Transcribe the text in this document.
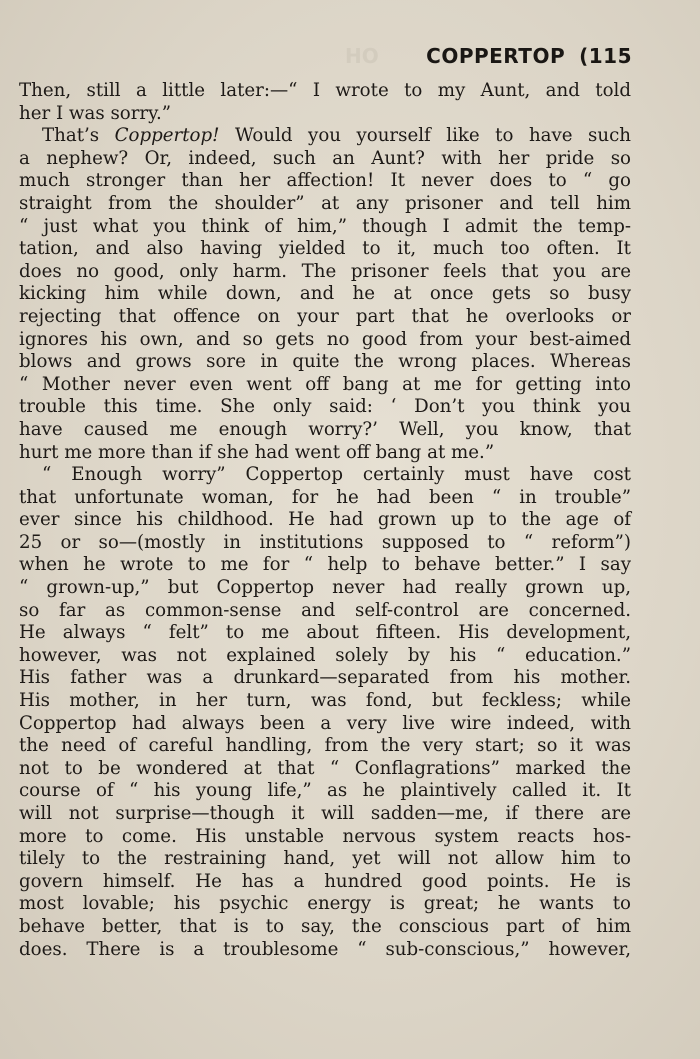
HO COPPERTOP (115
Then, still a little later:—“ I wrote to my Aunt, and told
her I was sorry.”
That’s Coppertop! Would you yourself like to have such
a nephew? Or, indeed, such an Aunt? with her pride so
much stronger than her affection! It never does to “ go
straight from the shoulder” at any prisoner and tell him
“ just what you think of him,” though I admit the temp-
tation, and also having yielded to it, much too often. It
does no good, only harm. The prisoner feels that you are
kicking him while down, and he at once gets so busy
rejecting that offence on your part that he overlooks or
ignores his own, and so gets no good from your best-aimed
blows and grows sore in quite the wrong places. Whereas
“ Mother never even went off bang at me for getting into
trouble this time. She only said: ‘ Don’t you think you
have caused me enough worry?’ Well, you know, that
hurt me more than if she had went off bang at me.”
“ Enough worry” Coppertop certainly must have cost
that unfortunate woman, for he had been “ in trouble”
ever since his childhood. He had grown up to the age of
25 or so—(mostly in institutions supposed to “ reform”)
when he wrote to me for “ help to behave better.” I say
“ grown-up,” but Coppertop never had really grown up,
so far as common-sense and self-control are concerned.
He always “ felt” to me about fifteen. His development,
however, was not explained solely by his “ education.”
His father was a drunkard—separated from his mother.
His mother, in her turn, was fond, but feckless; while
Coppertop had always been a very live wire indeed, with
the need of careful handling, from the very start; so it was
not to be wondered at that “ Conflagrations” marked the
course of “ his young life,” as he plaintively called it. It
will not surprise—though it will sadden—me, if there are
more to come. His unstable nervous system reacts hos-
tilely to the restraining hand, yet will not allow him to
govern himself. He has a hundred good points. He is
most lovable; his psychic energy is great; he wants to
behave better, that is to say, the conscious part of him
does. There is a troublesome “ sub-conscious,” however,
